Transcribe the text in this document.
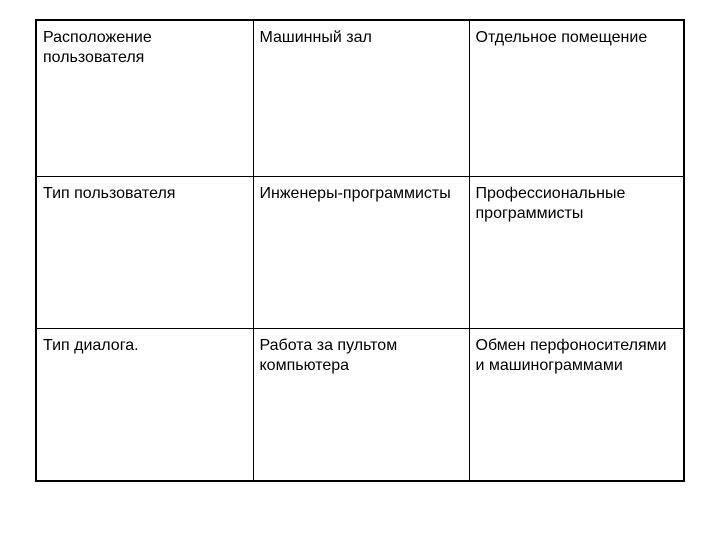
Расположение пользователя	Машинный зал	Отдельное помещение
Тип пользователя	Инженеры-программисты	Профессиональные программисты
Тип диалога.	Работа за пультом компьютера	Обмен перфоносителями и машинограммами
